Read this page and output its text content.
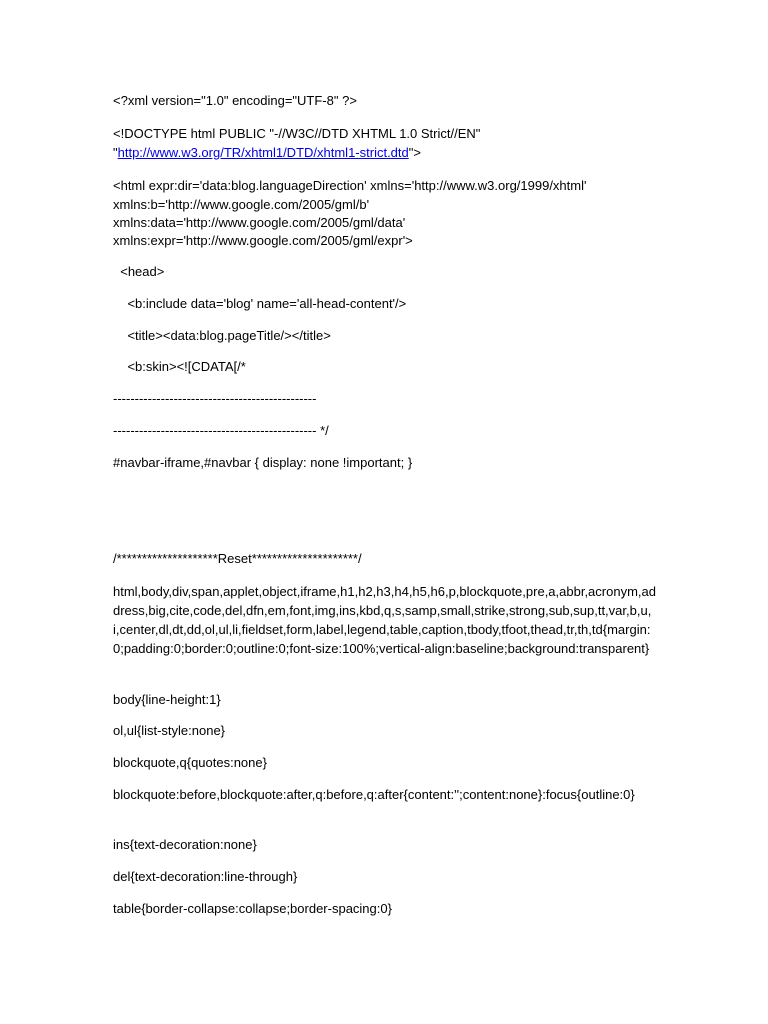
<?xml version="1.0" encoding="UTF-8" ?>

<!DOCTYPE html PUBLIC "-//W3C//DTD XHTML 1.0 Strict//EN"

"http://www.w3.org/TR/xhtml1/DTD/xhtml1-strict.dtd">

<html expr:dir='data:blog.languageDirection' xmlns='http://www.w3.org/1999/xhtml'

xmlns:b='http://www.google.com/2005/gml/b'

xmlns:data='http://www.google.com/2005/gml/data'

xmlns:expr='http://www.google.com/2005/gml/expr'>

<head>

<b:include data='blog' name='all-head-content'/>

<title><data:blog.pageTitle/></title>

<b:skin><![CDATA[/*

-----------------------------------------------

----------------------------------------------- */

#navbar-iframe,#navbar { display: none !important; }

/********************Reset*********************/

html,body,div,span,applet,object,iframe,h1,h2,h3,h4,h5,h6,p,blockquote,pre,a,abbr,acronym,address,big,cite,code,del,dfn,em,font,img,ins,kbd,q,s,samp,small,strike,strong,sub,sup,tt,var,b,u,i,center,dl,dt,dd,ol,ul,li,fieldset,form,label,legend,table,caption,tbody,tfoot,thead,tr,th,td{margin:0;padding:0;border:0;outline:0;font-size:100%;vertical-align:baseline;background:transparent}

body{line-height:1}

ol,ul{list-style:none}

blockquote,q{quotes:none}

blockquote:before,blockquote:after,q:before,q:after{content:'';content:none}:focus{outline:0}

ins{text-decoration:none}

del{text-decoration:line-through}

table{border-collapse:collapse;border-spacing:0}
